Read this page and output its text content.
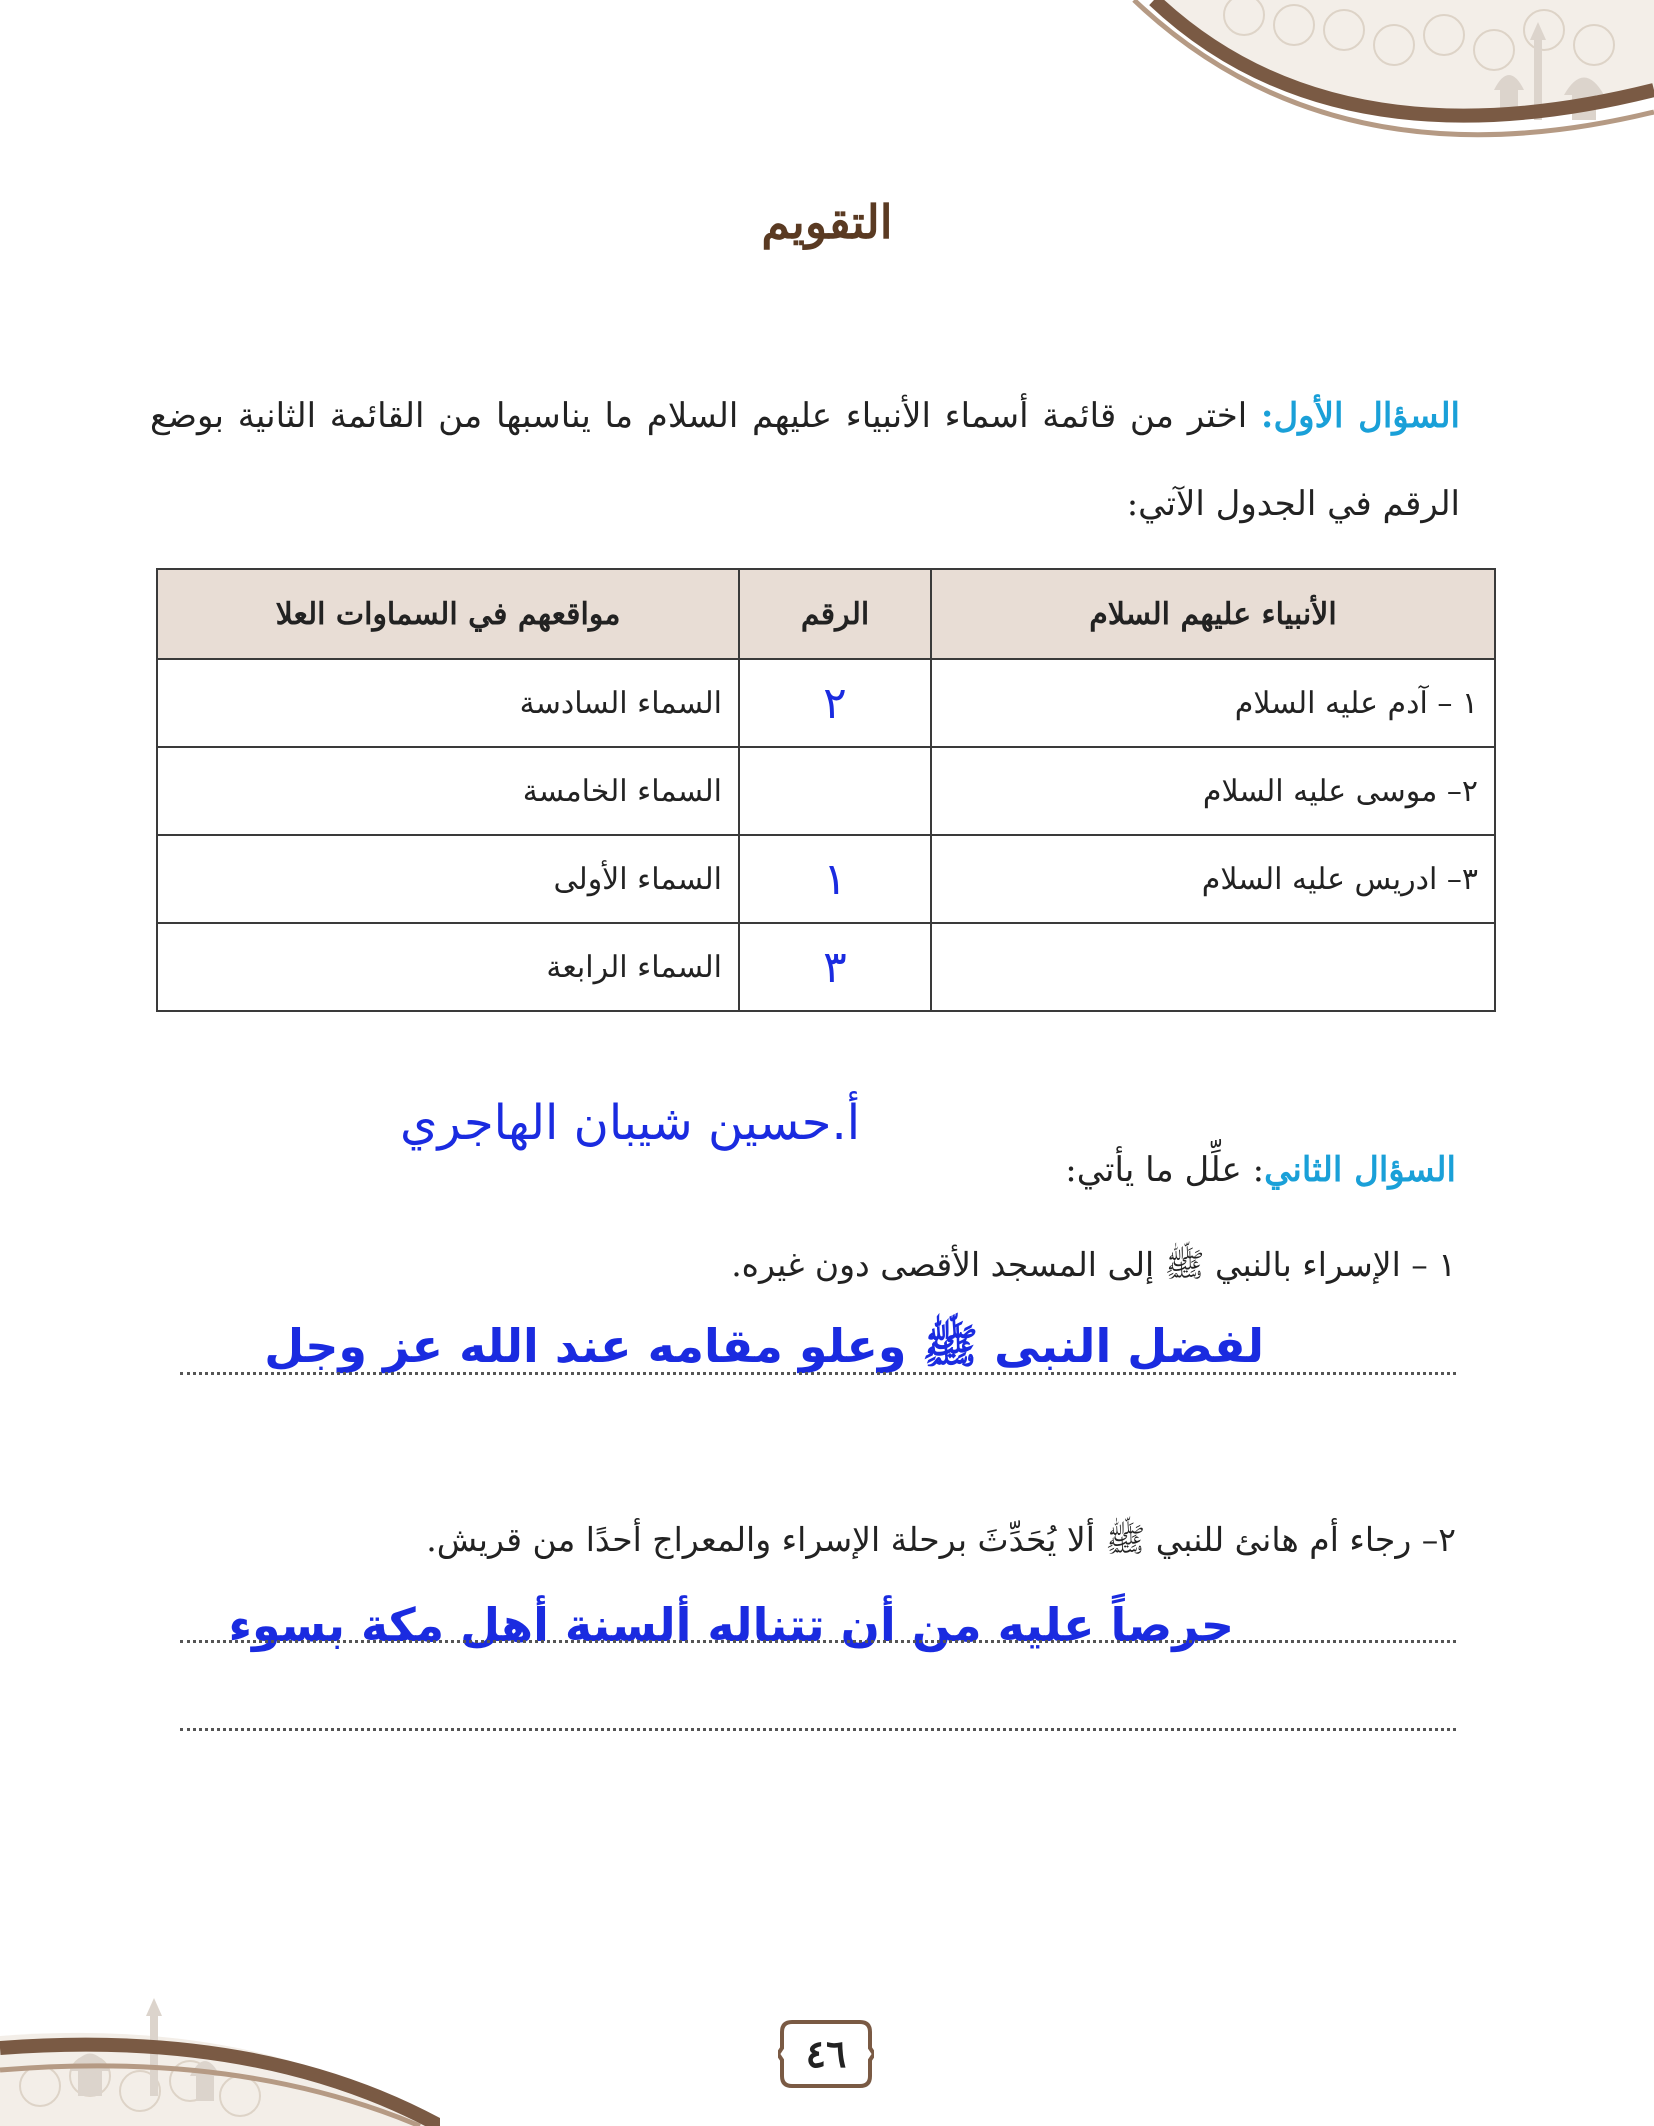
التقويم
السؤال الأول: اختر من قائمة أسماء الأنبياء عليهم السلام ما يناسبها من القائمة الثانية بوضع الرقم في الجدول الآتي:
الأنبياء عليهم السلام	الرقم	مواقعهم في السماوات العلا
١ – آدم عليه السلام	٢	السماء السادسة
٢– موسى عليه السلام		السماء الخامسة
٣– ادريس عليه السلام	١	السماء الأولى
	٣	السماء الرابعة
أ.حسين شيبان الهاجري
السؤال الثاني: علِّل ما يأتي:
١ – الإسراء بالنبي ﷺ إلى المسجد الأقصى دون غيره.
لفضل النبى ﷺ وعلو مقامه عند الله عز وجل
٢– رجاء أم هانئ للنبي ﷺ ألا يُحَدِّثَ برحلة الإسراء والمعراج أحدًا من قريش.
حرصاً عليه من أن تتناله ألسنة أهل مكة بسوء
٤٦
